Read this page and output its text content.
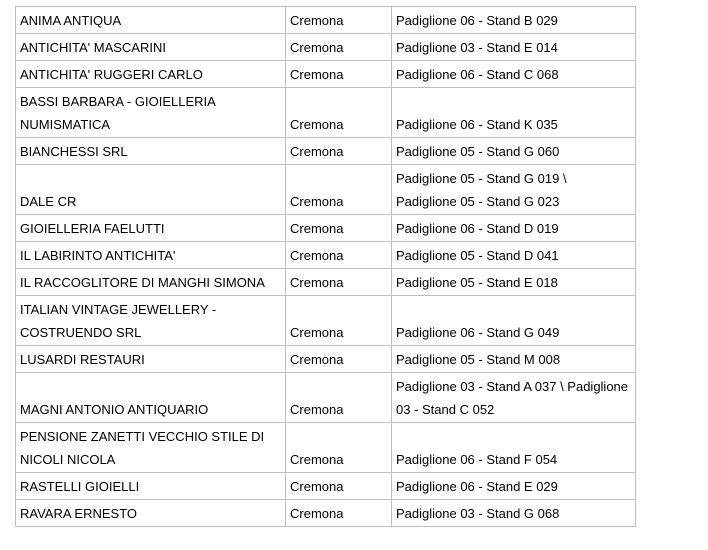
ANIMA ANTIQUA	Cremona	Padiglione 06 - Stand B 029

ANTICHITA' MASCARINI	Cremona	Padiglione 03 - Stand E 014

ANTICHITA' RUGGERI CARLO	Cremona	Padiglione 06 - Stand C 068

BASSI BARBARA - GIOIELLERIA
NUMISMATICA	Cremona	Padiglione 06 - Stand K 035

BIANCHESSI SRL	Cremona	Padiglione 05 - Stand G 060

DALE CR	Cremona	Padiglione 05 - Stand G 019 \
Padiglione 05 - Stand G 023

GIOIELLERIA FAELUTTI	Cremona	Padiglione 06 - Stand D 019

IL LABIRINTO ANTICHITA'	Cremona	Padiglione 05 - Stand D 041

IL RACCOGLITORE DI MANGHI SIMONA	Cremona	Padiglione 05 - Stand E 018

ITALIAN VINTAGE JEWELLERY -
COSTRUENDO SRL	Cremona	Padiglione 06 - Stand G 049

LUSARDI RESTAURI	Cremona	Padiglione 05 - Stand M 008

MAGNI ANTONIO ANTIQUARIO	Cremona	Padiglione 03 - Stand A 037 \ Padiglione
03 - Stand C 052

PENSIONE ZANETTI VECCHIO STILE DI
NICOLI NICOLA	Cremona	Padiglione 06 - Stand F 054

RASTELLI GIOIELLI	Cremona	Padiglione 06 - Stand E 029

RAVARA ERNESTO	Cremona	Padiglione 03 - Stand G 068
